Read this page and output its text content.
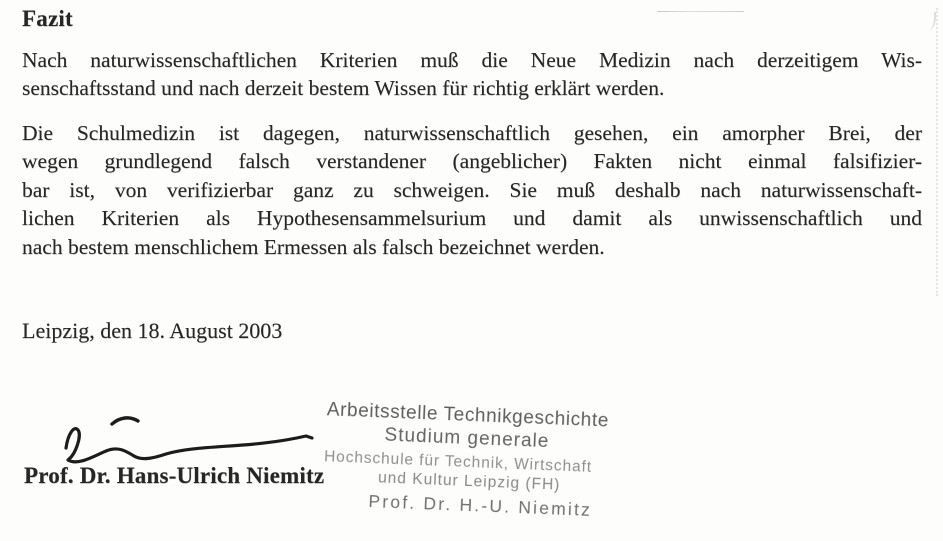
Fazit
Nach naturwissenschaftlichen Kriterien muß die Neue Medizin nach derzeitigem Wis-
senschaftsstand und nach derzeit bestem Wissen für richtig erklärt werden.
Die Schulmedizin ist dagegen, naturwissenschaftlich gesehen, ein amorpher Brei, der
wegen grundlegend falsch verstandener (angeblicher) Fakten nicht einmal falsifizier-
bar ist, von verifizierbar ganz zu schweigen. Sie muß deshalb nach naturwissenschaft-
lichen Kriterien als Hypothesensammelsurium und damit als unwissenschaftlich und
nach bestem menschlichem Ermessen als falsch bezeichnet werden.
Leipzig, den 18. August 2003
Prof. Dr. Hans-Ulrich Niemitz
Arbeitsstelle Technikgeschichte
Studium generale
Hochschule für Technik, Wirtschaft
und Kultur Leipzig (FH)
Prof. Dr. H.-U. Niemitz
